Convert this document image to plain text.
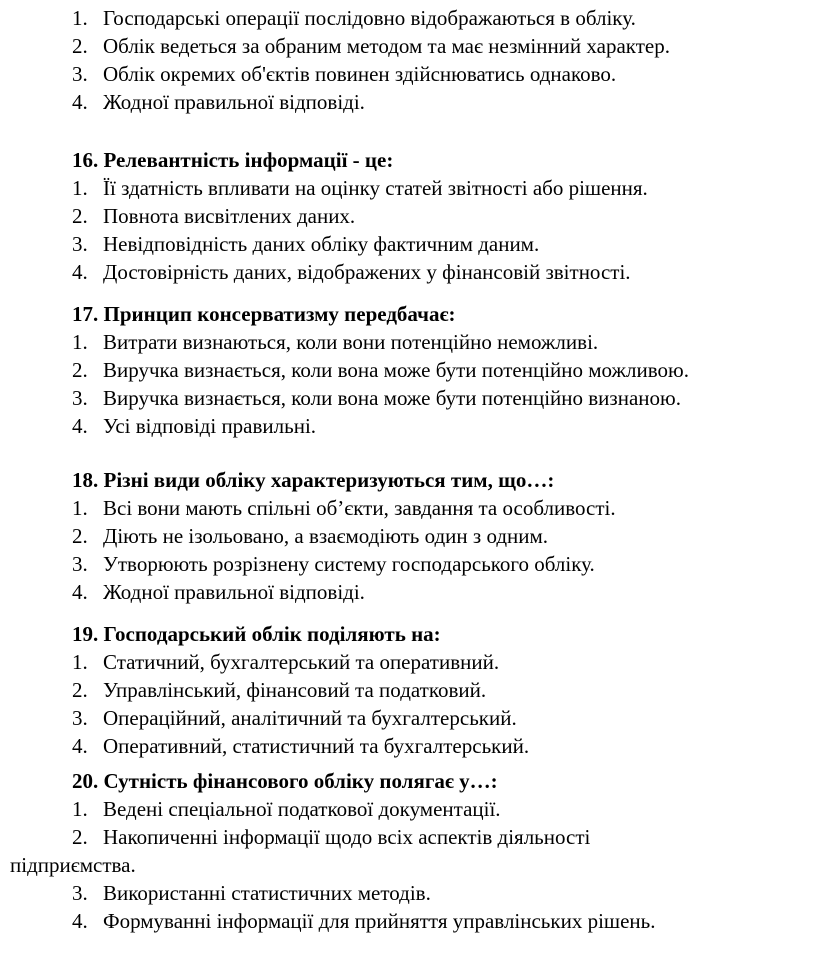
1. Господарські операції послідовно відображаються в обліку.
2. Облік ведеться за обраним методом та має незмінний характер.
3. Облік окремих об'єктів повинен здійснюватись однаково.
4. Жодної правильної відповіді.
16. Релевантність інформації - це:
1. Її здатність впливати на оцінку статей звітності або рішення.
2. Повнота висвітлених даних.
3. Невідповідність даних обліку фактичним даним.
4. Достовірність даних, відображених у фінансовій звітності.
17. Принцип консерватизму передбачає:
1. Витрати визнаються, коли вони потенційно неможливі.
2. Виручка визнається, коли вона може бути потенційно можливою.
3. Виручка визнається, коли вона може бути потенційно визнаною.
4. Усі відповіді правильні.
18. Різні види обліку характеризуються тим, що…:
1. Всі вони мають спільні об’єкти, завдання та особливості.
2. Діють не ізольовано, а взаємодіють один з одним.
3. Утворюють розрізнену систему господарського обліку.
4. Жодної правильної відповіді.
19. Господарський облік поділяють на:
1. Статичний, бухгалтерський та оперативний.
2. Управлінський, фінансовий та податковий.
3. Операційний, аналітичний та бухгалтерський.
4. Оперативний, статистичний та бухгалтерський.
20. Сутність фінансового обліку полягає у…:
1. Ведені спеціальної податкової документації.
2. Накопиченні інформації щодо всіх аспектів діяльності
підприємства.
3. Використанні статистичних методів.
4. Формуванні інформації для прийняття управлінських рішень.
